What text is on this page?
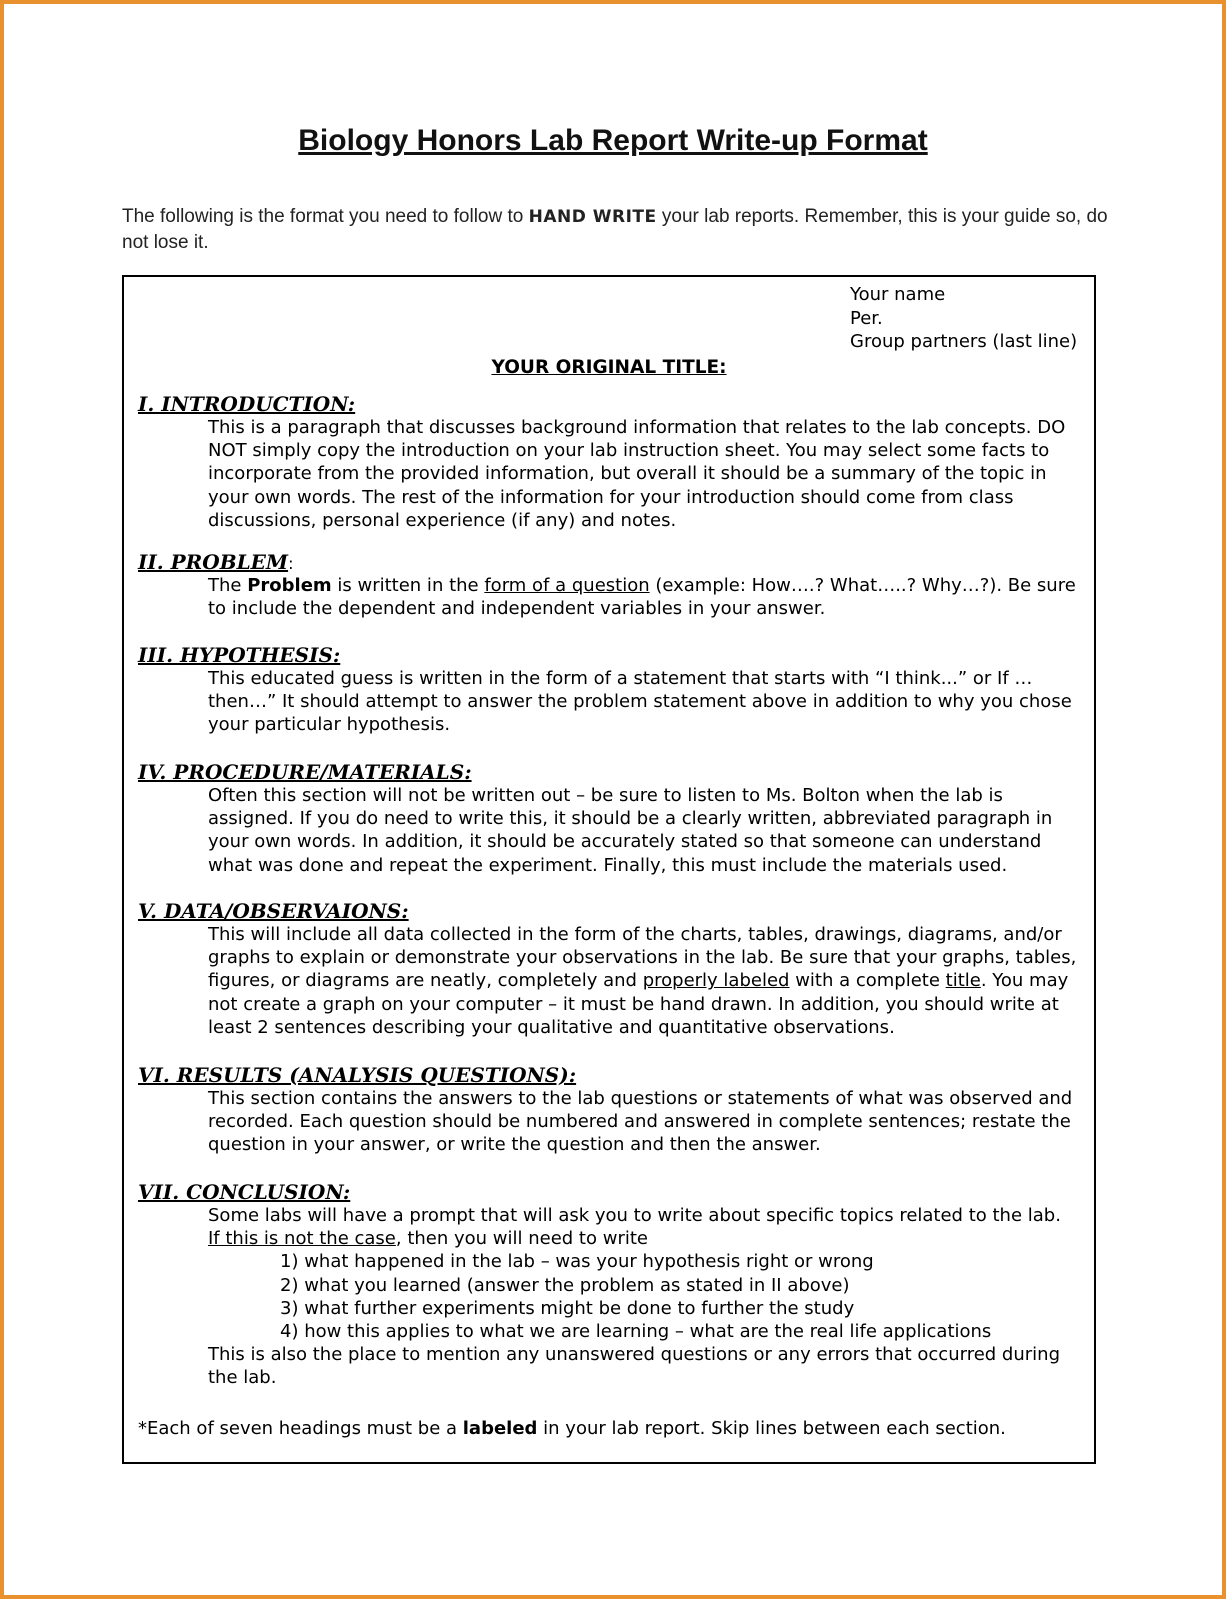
Biology Honors Lab Report Write-up Format
The following is the format you need to follow to HAND WRITE your lab reports. Remember, this is your guide so, do not lose it.
Your name
Per.
Group partners (last line)
YOUR ORIGINAL TITLE:
I. INTRODUCTION:
This is a paragraph that discusses background information that relates to the lab concepts. DO NOT simply copy the introduction on your lab instruction sheet. You may select some facts to incorporate from the provided information, but overall it should be a summary of the topic in your own words. The rest of the information for your introduction should come from class discussions, personal experience (if any) and notes.
II. PROBLEM:
The Problem is written in the form of a question (example: How….? What…..? Why…?). Be sure to include the dependent and independent variables in your answer.
III. HYPOTHESIS:
This educated guess is written in the form of a statement that starts with “I think...” or If … then…” It should attempt to answer the problem statement above in addition to why you chose your particular hypothesis.
IV. PROCEDURE/MATERIALS:
Often this section will not be written out – be sure to listen to Ms. Bolton when the lab is assigned. If you do need to write this, it should be a clearly written, abbreviated paragraph in your own words. In addition, it should be accurately stated so that someone can understand what was done and repeat the experiment. Finally, this must include the materials used.
V. DATA/OBSERVAIONS:
This will include all data collected in the form of the charts, tables, drawings, diagrams, and/or graphs to explain or demonstrate your observations in the lab. Be sure that your graphs, tables, figures, or diagrams are neatly, completely and properly labeled with a complete title. You may not create a graph on your computer – it must be hand drawn. In addition, you should write at least 2 sentences describing your qualitative and quantitative observations.
VI. RESULTS (ANALYSIS QUESTIONS):
This section contains the answers to the lab questions or statements of what was observed and recorded. Each question should be numbered and answered in complete sentences; restate the question in your answer, or write the question and then the answer.
VII. CONCLUSION:
Some labs will have a prompt that will ask you to write about specific topics related to the lab.
If this is not the case, then you will need to write
1) what happened in the lab – was your hypothesis right or wrong
2) what you learned (answer the problem as stated in II above)
3) what further experiments might be done to further the study
4) how this applies to what we are learning – what are the real life applications
This is also the place to mention any unanswered questions or any errors that occurred during the lab.
*Each of seven headings must be a labeled in your lab report. Skip lines between each section.
